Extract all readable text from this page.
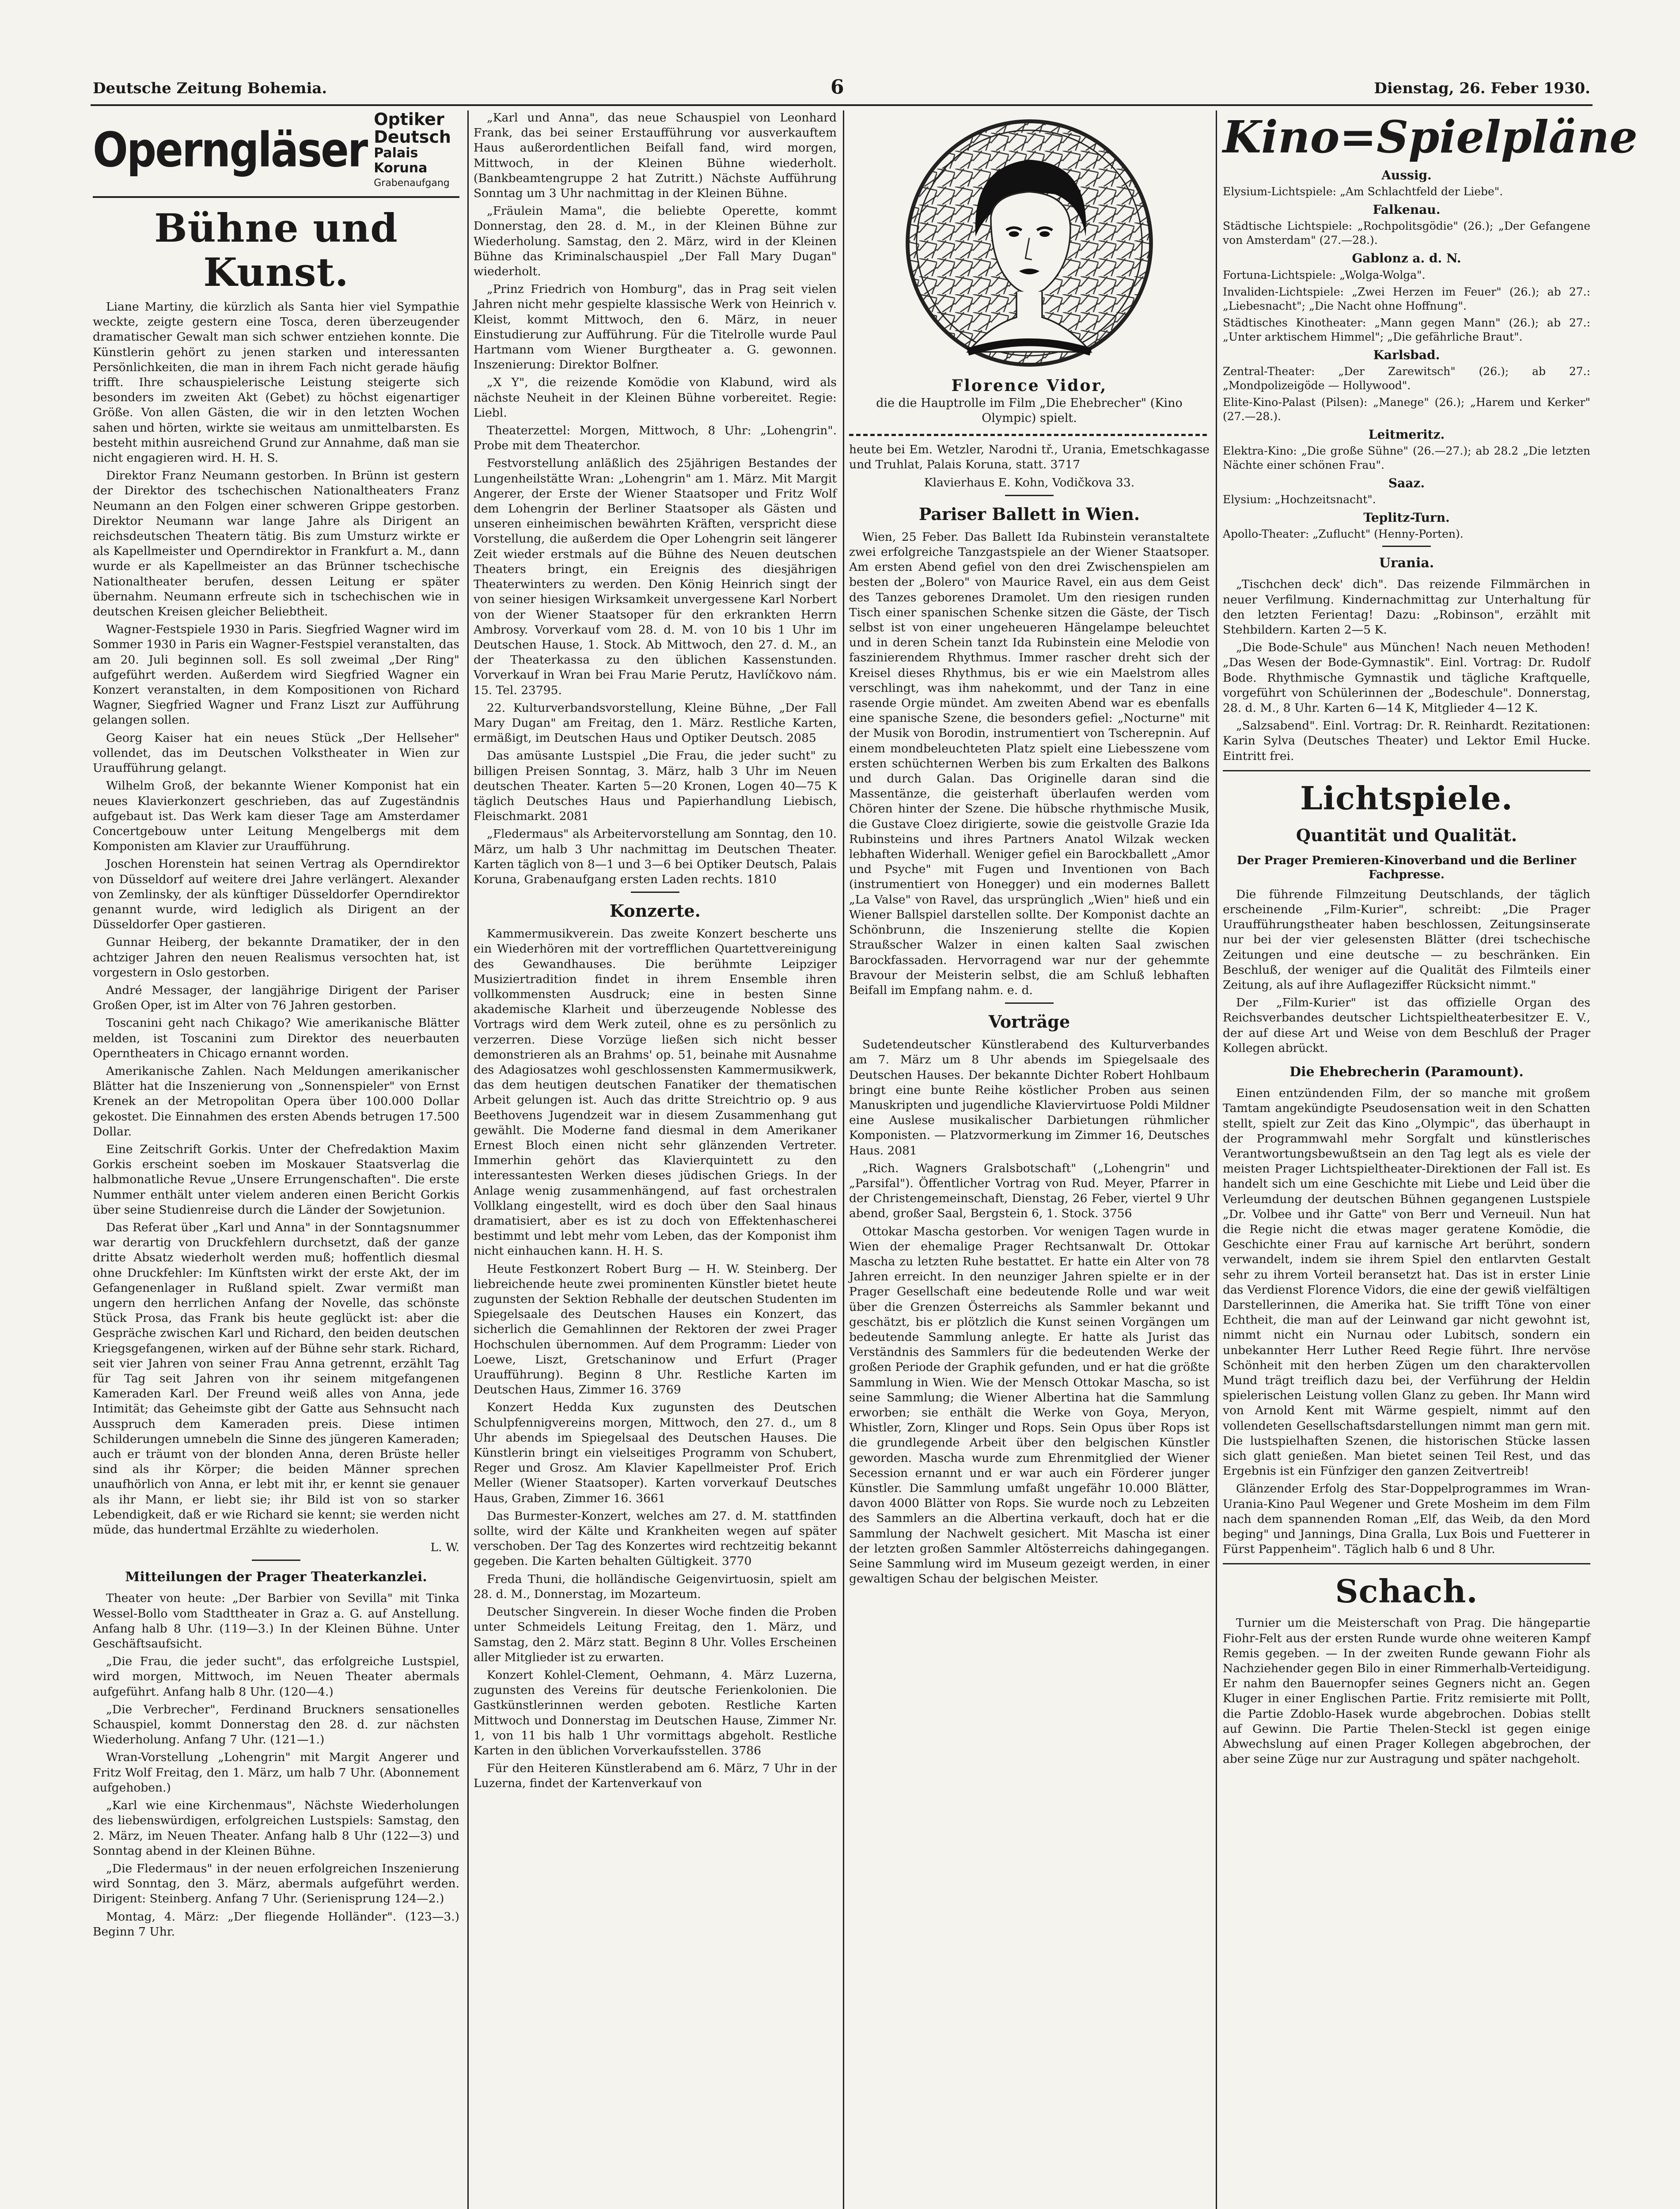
Deutsche Zeitung Bohemia.	6	Dienstag, 26. Feber 1930.
Operngläser
Optiker Deutsch
Palais Koruna
Grabenaufgang
Bühne und Kunst.

Liane Martiny, die kürzlich als Santa hier viel Sympathie weckte, zeigte gestern eine Tosca, deren überzeugender dramatischer Gewalt man sich schwer entziehen konnte. Die Künstlerin gehört zu jenen starken und interessanten Persönlichkeiten, die man in ihrem Fach nicht gerade häufig trifft. Ihre schauspielerische Leistung steigerte sich besonders im zweiten Akt (Gebet) zu höchst eigenartiger Größe. Von allen Gästen, die wir in den letzten Wochen sahen und hörten, wirkte sie weitaus am unmittelbarsten. Es besteht mithin ausreichend Grund zur Annahme, daß man sie nicht engagieren wird. H. H. S.

Direktor Franz Neumann gestorben. In Brünn ist gestern der Direktor des tschechischen Nationaltheaters Franz Neumann an den Folgen einer schweren Grippe gestorben. Direktor Neumann war lange Jahre als Dirigent an reichsdeutschen Theatern tätig. Bis zum Umsturz wirkte er als Kapellmeister und Operndirektor in Frankfurt a. M., dann wurde er als Kapellmeister an das Brünner tschechische Nationaltheater berufen, dessen Leitung er später übernahm. Neumann erfreute sich in tschechischen wie in deutschen Kreisen gleicher Beliebtheit.

Wagner-Festspiele 1930 in Paris. Siegfried Wagner wird im Sommer 1930 in Paris ein Wagner-Festspiel veranstalten, das am 20. Juli beginnen soll. Es soll zweimal „Der Ring" aufgeführt werden. Außerdem wird Siegfried Wagner ein Konzert veranstalten, in dem Kompositionen von Richard Wagner, Siegfried Wagner und Franz Liszt zur Aufführung gelangen sollen.

Georg Kaiser hat ein neues Stück „Der Hellseher" vollendet, das im Deutschen Volkstheater in Wien zur Uraufführung gelangt.

Wilhelm Groß, der bekannte Wiener Komponist hat ein neues Klavierkonzert geschrieben, das auf Zugeständnis aufgebaut ist. Das Werk kam dieser Tage am Amsterdamer Concertgebouw unter Leitung Mengelbergs mit dem Komponisten am Klavier zur Uraufführung.

Joschen Horenstein hat seinen Vertrag als Operndirektor von Düsseldorf auf weitere drei Jahre verlängert. Alexander von Zemlinsky, der als künftiger Düsseldorfer Operndirektor genannt wurde, wird lediglich als Dirigent an der Düsseldorfer Oper gastieren.

Gunnar Heiberg, der bekannte Dramatiker, der in den achtziger Jahren den neuen Realismus versochten hat, ist vorgestern in Oslo gestorben.

André Messager, der langjährige Dirigent der Pariser Großen Oper, ist im Alter von 76 Jahren gestorben.

Toscanini geht nach Chikago? Wie amerikanische Blätter melden, ist Toscanini zum Direktor des neuerbauten Operntheaters in Chicago ernannt worden.

Amerikanische Zahlen. Nach Meldungen amerikanischer Blätter hat die Inszenierung von „Sonnenspieler" von Ernst Krenek an der Metropolitan Opera über 100.000 Dollar gekostet. Die Einnahmen des ersten Abends betrugen 17.500 Dollar.

Eine Zeitschrift Gorkis. Unter der Chefredaktion Maxim Gorkis erscheint soeben im Moskauer Staatsverlag die halbmonatliche Revue „Unsere Errungenschaften". Die erste Nummer enthält unter vielem anderen einen Bericht Gorkis über seine Studienreise durch die Länder der Sowjetunion.

Das Referat über „Karl und Anna" in der Sonntagsnummer war derartig von Druckfehlern durchsetzt, daß der ganze dritte Absatz wiederholt werden muß; hoffentlich diesmal ohne Druckfehler: Im Künftsten wirkt der erste Akt, der im Gefangenenlager in Rußland spielt. Zwar vermißt man ungern den herrlichen Anfang der Novelle, das schönste Stück Prosa, das Frank bis heute geglückt ist: aber die Gespräche zwischen Karl und Richard, den beiden deutschen Kriegsgefangenen, wirken auf der Bühne sehr stark. Richard, seit vier Jahren von seiner Frau Anna getrennt, erzählt Tag für Tag seit Jahren von ihr seinem mitgefangenen Kameraden Karl. Der Freund weiß alles von Anna, jede Intimität; das Geheimste gibt der Gatte aus Sehnsucht nach Ausspruch dem Kameraden preis. Diese intimen Schilderungen umnebeln die Sinne des jüngeren Kameraden; auch er träumt von der blonden Anna, deren Brüste heller sind als ihr Körper; die beiden Männer sprechen unaufhörlich von Anna, er lebt mit ihr, er kennt sie genauer als ihr Mann, er liebt sie; ihr Bild ist von so starker Lebendigkeit, daß er wie Richard sie kennt; sie werden nicht müde, das hundertmal Erzählte zu wiederholen.

L. W.
Mitteilungen der Prager Theaterkanzlei.

Theater von heute: „Der Barbier von Sevilla" mit Tinka Wessel-Bollo vom Stadttheater in Graz a. G. auf Anstellung. Anfang halb 8 Uhr. (119—3.) In der Kleinen Bühne. Unter Geschäftsaufsicht.

„Die Frau, die jeder sucht", das erfolgreiche Lustspiel, wird morgen, Mittwoch, im Neuen Theater abermals aufgeführt. Anfang halb 8 Uhr. (120—4.)

„Die Verbrecher", Ferdinand Bruckners sensationelles Schauspiel, kommt Donnerstag den 28. d. zur nächsten Wiederholung. Anfang 7 Uhr. (121—1.)

Wran-Vorstellung „Lohengrin" mit Margit Angerer und Fritz Wolf Freitag, den 1. März, um halb 7 Uhr. (Abonnement aufgehoben.)

„Karl wie eine Kirchenmaus", Nächste Wiederholungen des liebenswürdigen, erfolgreichen Lustspiels: Samstag, den 2. März, im Neuen Theater. Anfang halb 8 Uhr (122—3) und Sonntag abend in der Kleinen Bühne.

„Die Fledermaus" in der neuen erfolgreichen Inszenierung wird Sonntag, den 3. März, abermals aufgeführt werden. Dirigent: Steinberg. Anfang 7 Uhr. (Serienisprung 124—2.)

Montag, 4. März: „Der fliegende Holländer". (123—3.) Beginn 7 Uhr.

„Karl und Anna", das neue Schauspiel von Leonhard Frank, das bei seiner Erstaufführung vor ausverkauftem Haus außerordentlichen Beifall fand, wird morgen, Mittwoch, in der Kleinen Bühne wiederholt. (Bankbeamtengruppe 2 hat Zutritt.) Nächste Aufführung Sonntag um 3 Uhr nachmittag in der Kleinen Bühne.

„Fräulein Mama", die beliebte Operette, kommt Donnerstag, den 28. d. M., in der Kleinen Bühne zur Wiederholung. Samstag, den 2. März, wird in der Kleinen Bühne das Kriminalschauspiel „Der Fall Mary Dugan" wiederholt.

„Prinz Friedrich von Homburg", das in Prag seit vielen Jahren nicht mehr gespielte klassische Werk von Heinrich v. Kleist, kommt Mittwoch, den 6. März, in neuer Einstudierung zur Aufführung. Für die Titelrolle wurde Paul Hartmann vom Wiener Burgtheater a. G. gewonnen. Inszenierung: Direktor Bolfner.

„X Y", die reizende Komödie von Klabund, wird als nächste Neuheit in der Kleinen Bühne vorbereitet. Regie: Liebl.

Theaterzettel: Morgen, Mittwoch, 8 Uhr: „Lohengrin". Probe mit dem Theaterchor.

Festvorstellung anläßlich des 25jährigen Bestandes der Lungenheilstätte Wran: „Lohengrin" am 1. März. Mit Margit Angerer, der Erste der Wiener Staatsoper und Fritz Wolf dem Lohengrin der Berliner Staatsoper als Gästen und unseren einheimischen bewährten Kräften, verspricht diese Vorstellung, die außerdem die Oper Lohengrin seit längerer Zeit wieder erstmals auf die Bühne des Neuen deutschen Theaters bringt, ein Ereignis des diesjährigen Theaterwinters zu werden. Den König Heinrich singt der von seiner hiesigen Wirksamkeit unvergessene Karl Norbert von der Wiener Staatsoper für den erkrankten Herrn Ambrosy. Vorverkauf vom 28. d. M. von 10 bis 1 Uhr im Deutschen Hause, 1. Stock. Ab Mittwoch, den 27. d. M., an der Theaterkassa zu den üblichen Kassenstunden. Vorverkauf in Wran bei Frau Marie Perutz, Havlíčkovo nám. 15. Tel. 23795.

22. Kulturverbandsvorstellung, Kleine Bühne, „Der Fall Mary Dugan" am Freitag, den 1. März. Restliche Karten, ermäßigt, im Deutschen Haus und Optiker Deutsch. 2085

Das amüsante Lustspiel „Die Frau, die jeder sucht" zu billigen Preisen Sonntag, 3. März, halb 3 Uhr im Neuen deutschen Theater. Karten 5—20 Kronen, Logen 40—75 K täglich Deutsches Haus und Papierhandlung Liebisch, Fleischmarkt. 2081

„Fledermaus" als Arbeitervorstellung am Sonntag, den 10. März, um halb 3 Uhr nachmittag im Deutschen Theater. Karten täglich von 8—1 und 3—6 bei Optiker Deutsch, Palais Koruna, Grabenaufgang ersten Laden rechts. 1810

Konzerte.

Kammermusikverein. Das zweite Konzert bescherte uns ein Wiederhören mit der vortrefflichen Quartettvereinigung des Gewandhauses. Die berühmte Leipziger Musiziertradition findet in ihrem Ensemble ihren vollkommensten Ausdruck; eine in besten Sinne akademische Klarheit und überzeugende Noblesse des Vortrags wird dem Werk zuteil, ohne es zu persönlich zu verzerren. Diese Vorzüge ließen sich nicht besser demonstrieren als an Brahms' op. 51, beinahe mit Ausnahme des Adagiosatzes wohl geschlossensten Kammermusikwerk, das dem heutigen deutschen Fanatiker der thematischen Arbeit gelungen ist. Auch das dritte Streichtrio op. 9 aus Beethovens Jugendzeit war in diesem Zusammenhang gut gewählt. Die Moderne fand diesmal in dem Amerikaner Ernest Bloch einen nicht sehr glänzenden Vertreter. Immerhin gehört das Klavierquintett zu den interessantesten Werken dieses jüdischen Griegs. In der Anlage wenig zusammenhängend, auf fast orchestralen Vollklang eingestellt, wird es doch über den Saal hinaus dramatisiert, aber es ist zu doch von Effektenhascherei bestimmt und lebt mehr vom Leben, das der Komponist ihm nicht einhauchen kann. H. H. S.

Heute Festkonzert Robert Burg — H. W. Steinberg. Der liebreichende heute zwei prominenten Künstler bietet heute zugunsten der Sektion Rebhalle der deutschen Studenten im Spiegelsaale des Deutschen Hauses ein Konzert, das sicherlich die Gemahlinnen der Rektoren der zwei Prager Hochschulen übernommen. Auf dem Programm: Lieder von Loewe, Liszt, Gretschaninow und Erfurt (Prager Uraufführung). Beginn 8 Uhr. Restliche Karten im Deutschen Haus, Zimmer 16. 3769

Konzert Hedda Kux zugunsten des Deutschen Schulpfennigvereins morgen, Mittwoch, den 27. d., um 8 Uhr abends im Spiegelsaal des Deutschen Hauses. Die Künstlerin bringt ein vielseitiges Programm von Schubert, Reger und Grosz. Am Klavier Kapellmeister Prof. Erich Meller (Wiener Staatsoper). Karten vorverkauf Deutsches Haus, Graben, Zimmer 16. 3661

Das Burmester-Konzert, welches am 27. d. M. stattfinden sollte, wird der Kälte und Krankheiten wegen auf später verschoben. Der Tag des Konzertes wird rechtzeitig bekannt gegeben. Die Karten behalten Gültigkeit. 3770

Freda Thuni, die holländische Geigenvirtuosin, spielt am 28. d. M., Donnerstag, im Mozarteum.

Deutscher Singverein. In dieser Woche finden die Proben unter Schmeidels Leitung Freitag, den 1. März, und Samstag, den 2. März statt. Beginn 8 Uhr. Volles Erscheinen aller Mitglieder ist zu erwarten.

Konzert Kohlel-Clement, Oehmann, 4. März Luzerna, zugunsten des Vereins für deutsche Ferienkolonien. Die Gastkünstlerinnen werden geboten. Restliche Karten Mittwoch und Donnerstag im Deutschen Hause, Zimmer Nr. 1, von 11 bis halb 1 Uhr vormittags abgeholt. Restliche Karten in den üblichen Vorverkaufsstellen. 3786

Für den Heiteren Künstlerabend am 6. März, 7 Uhr in der Luzerna, findet der Kartenverkauf von

Florence Vidor,
die die Hauptrolle im Film „Die Ehebrecher" (Kino Olympic) spielt.

heute bei Em. Wetzler, Narodni tř., Urania, Emetschkagasse und Truhlat, Palais Koruna, statt. 3717

Klavierhaus E. Kohn, Vodičkova 33.

Pariser Ballett in Wien.

Wien, 25 Feber. Das Ballett Ida Rubinstein veranstaltete zwei erfolgreiche Tanzgastspiele an der Wiener Staatsoper. Am ersten Abend gefiel von den drei Zwischenspielen am besten der „Bolero" von Maurice Ravel, ein aus dem Geist des Tanzes geborenes Dramolet. Um den riesigen runden Tisch einer spanischen Schenke sitzen die Gäste, der Tisch selbst ist von einer ungeheueren Hängelampe beleuchtet und in deren Schein tanzt Ida Rubinstein eine Melodie von faszinierendem Rhythmus. Immer rascher dreht sich der Kreisel dieses Rhythmus, bis er wie ein Maelstrom alles verschlingt, was ihm nahekommt, und der Tanz in eine rasende Orgie mündet. Am zweiten Abend war es ebenfalls eine spanische Szene, die besonders gefiel: „Nocturne" mit der Musik von Borodin, instrumentiert von Tscherepnin. Auf einem mondbeleuchteten Platz spielt eine Liebesszene vom ersten schüchternen Werben bis zum Erkalten des Balkons und durch Galan. Das Originelle daran sind die Massentänze, die geisterhaft überlaufen werden vom Chören hinter der Szene. Die hübsche rhythmische Musik, die Gustave Cloez dirigierte, sowie die geistvolle Grazie Ida Rubinsteins und ihres Partners Anatol Wilzak wecken lebhaften Widerhall. Weniger gefiel ein Barockballett „Amor und Psyche" mit Fugen und Inventionen von Bach (instrumentiert von Honegger) und ein modernes Ballett „La Valse" von Ravel, das ursprünglich „Wien" hieß und ein Wiener Ballspiel darstellen sollte. Der Komponist dachte an Schönbrunn, die Inszenierung stellte die Kopien Straußscher Walzer in einen kalten Saal zwischen Barockfassaden. Hervorragend war nur der gehemmte Bravour der Meisterin selbst, die am Schluß lebhaften Beifall im Empfang nahm. e. d.

Vorträge

Sudetendeutscher Künstlerabend des Kulturverbandes am 7. März um 8 Uhr abends im Spiegelsaale des Deutschen Hauses. Der bekannte Dichter Robert Hohlbaum bringt eine bunte Reihe köstlicher Proben aus seinen Manuskripten und jugendliche Klaviervirtuose Poldi Mildner eine Auslese musikalischer Darbietungen rühmlicher Komponisten. — Platzvormerkung im Zimmer 16, Deutsches Haus. 2081

„Rich. Wagners Gralsbotschaft" („Lohengrin" und „Parsifal"). Öffentlicher Vortrag von Rud. Meyer, Pfarrer in der Christengemeinschaft, Dienstag, 26 Feber, viertel 9 Uhr abend, großer Saal, Bergstein 6, 1. Stock. 3756

Ottokar Mascha gestorben. Vor wenigen Tagen wurde in Wien der ehemalige Prager Rechtsanwalt Dr. Ottokar Mascha zu letzten Ruhe bestattet. Er hatte ein Alter von 78 Jahren erreicht. In den neunziger Jahren spielte er in der Prager Gesellschaft eine bedeutende Rolle und war weit über die Grenzen Österreichs als Sammler bekannt und geschätzt, bis er plötzlich die Kunst seinen Vorgängen um bedeutende Sammlung anlegte. Er hatte als Jurist das Verständnis des Sammlers für die bedeutenden Werke der großen Periode der Graphik gefunden, und er hat die größte Sammlung in Wien. Wie der Mensch Ottokar Mascha, so ist seine Sammlung; die Wiener Albertina hat die Sammlung erworben; sie enthält die Werke von Goya, Meryon, Whistler, Zorn, Klinger und Rops. Sein Opus über Rops ist die grundlegende Arbeit über den belgischen Künstler geworden. Mascha wurde zum Ehrenmitglied der Wiener Secession ernannt und er war auch ein Förderer junger Künstler. Die Sammlung umfaßt ungefähr 10.000 Blätter, davon 4000 Blätter von Rops. Sie wurde noch zu Lebzeiten des Sammlers an die Albertina verkauft, doch hat er die Sammlung der Nachwelt gesichert. Mit Mascha ist einer der letzten großen Sammler Altösterreichs dahingegangen. Seine Sammlung wird im Museum gezeigt werden, in einer gewaltigen Schau der belgischen Meister.

Kino=Spielpläne
Aussig.

Elysium-Lichtspiele: „Am Schlachtfeld der Liebe".

Falkenau.

Städtische Lichtspiele: „Rochpolitsgödie" (26.); „Der Gefangene von Amsterdam" (27.—28.).

Gablonz a. d. N.

Fortuna-Lichtspiele: „Wolga-Wolga".

Invaliden-Lichtspiele: „Zwei Herzen im Feuer" (26.); ab 27.: „Liebesnacht"; „Die Nacht ohne Hoffnung".

Städtisches Kinotheater: „Mann gegen Mann" (26.); ab 27.: „Unter arktischem Himmel"; „Die gefährliche Braut".

Karlsbad.

Zentral-Theater: „Der Zarewitsch" (26.); ab 27.: „Mondpolizeigöde — Hollywood".

Elite-Kino-Palast (Pilsen): „Manege" (26.); „Harem und Kerker" (27.—28.).

Leitmeritz.

Elektra-Kino: „Die große Sühne" (26.—27.); ab 28.2 „Die letzten Nächte einer schönen Frau".

Saaz.

Elysium: „Hochzeitsnacht".

Teplitz-Turn.

Apollo-Theater: „Zuflucht" (Henny-Porten).

Urania.

„Tischchen deck' dich". Das reizende Filmmärchen in neuer Verfilmung. Kindernachmittag zur Unterhaltung für den letzten Ferientag! Dazu: „Robinson", erzählt mit Stehbildern. Karten 2—5 K.

„Die Bode-Schule" aus München! Nach neuen Methoden! „Das Wesen der Bode-Gymnastik". Einl. Vortrag: Dr. Rudolf Bode. Rhythmische Gymnastik und tägliche Kraftquelle, vorgeführt von Schülerinnen der „Bodeschule". Donnerstag, 28. d. M., 8 Uhr. Karten 6—14 K, Mitglieder 4—12 K.

„Salzsabend". Einl. Vortrag: Dr. R. Reinhardt. Rezitationen: Karin Sylva (Deutsches Theater) und Lektor Emil Hucke. Eintritt frei.

Lichtspiele.
Quantität und Qualität.
Der Prager Premieren-Kinoverband und die Berliner Fachpresse.

Die führende Filmzeitung Deutschlands, der täglich erscheinende „Film-Kurier", schreibt: „Die Prager Uraufführungstheater haben beschlossen, Zeitungsinserate nur bei der vier gelesensten Blätter (drei tschechische Zeitungen und eine deutsche — zu beschränken. Ein Beschluß, der weniger auf die Qualität des Filmteils einer Zeitung, als auf ihre Auflageziffer Rücksicht nimmt."

Der „Film-Kurier" ist das offizielle Organ des Reichsverbandes deutscher Lichtspieltheaterbesitzer E. V., der auf diese Art und Weise von dem Beschluß der Prager Kollegen abrückt.

Die Ehebrecherin (Paramount).

Einen entzündenden Film, der so manche mit großem Tamtam angekündigte Pseudosensation weit in den Schatten stellt, spielt zur Zeit das Kino „Olympic", das überhaupt in der Programmwahl mehr Sorgfalt und künstlerisches Verantwortungsbewußtsein an den Tag legt als es viele der meisten Prager Lichtspieltheater-Direktionen der Fall ist. Es handelt sich um eine Geschichte mit Liebe und Leid über die Verleumdung der deutschen Bühnen gegangenen Lustspiele „Dr. Volbee und ihr Gatte" von Berr und Verneuil. Nun hat die Regie nicht die etwas mager geratene Komödie, die Geschichte einer Frau auf karnische Art berührt, sondern verwandelt, indem sie ihrem Spiel den entlarvten Gestalt sehr zu ihrem Vorteil beransetzt hat. Das ist in erster Linie das Verdienst Florence Vidors, die eine der gewiß vielfältigen Darstellerinnen, die Amerika hat. Sie trifft Töne von einer Echtheit, die man auf der Leinwand gar nicht gewohnt ist, nimmt nicht ein Nurnau oder Lubitsch, sondern ein unbekannter Herr Luther Reed Regie führt. Ihre nervöse Schönheit mit den herben Zügen um den charaktervollen Mund trägt treiflich dazu bei, der Verführung der Heldin spielerischen Leistung vollen Glanz zu geben. Ihr Mann wird von Arnold Kent mit Wärme gespielt, nimmt auf den vollendeten Gesellschaftsdarstellungen nimmt man gern mit. Die lustspielhaften Szenen, die historischen Stücke lassen sich glatt genießen. Man bietet seinen Teil Rest, und das Ergebnis ist ein Fünfziger den ganzen Zeitvertreib!

Glänzender Erfolg des Star-Doppelprogrammes im Wran-Urania-Kino Paul Wegener und Grete Mosheim im dem Film nach dem spannenden Roman „Elf, das Weib, da den Mord beging" und Jannings, Dina Gralla, Lux Bois und Fuetterer in Fürst Pappenheim". Täglich halb 6 und 8 Uhr.

Schach.

Turnier um die Meisterschaft von Prag. Die hängepartie Fiohr-Felt aus der ersten Runde wurde ohne weiteren Kampf Remis gegeben. — In der zweiten Runde gewann Fiohr als Nachziehender gegen Bilo in einer Rimmerhalb-Verteidigung. Er nahm den Bauernopfer seines Gegners nicht an. Gegen Kluger in einer Englischen Partie. Fritz remisierte mit Pollt, die Partie Zdoblo-Hasek wurde abgebrochen. Dobias stellt auf Gewinn. Die Partie Thelen-Steckl ist gegen einige Abwechslung auf einen Prager Kollegen abgebrochen, der aber seine Züge nur zur Austragung und später nachgeholt.
